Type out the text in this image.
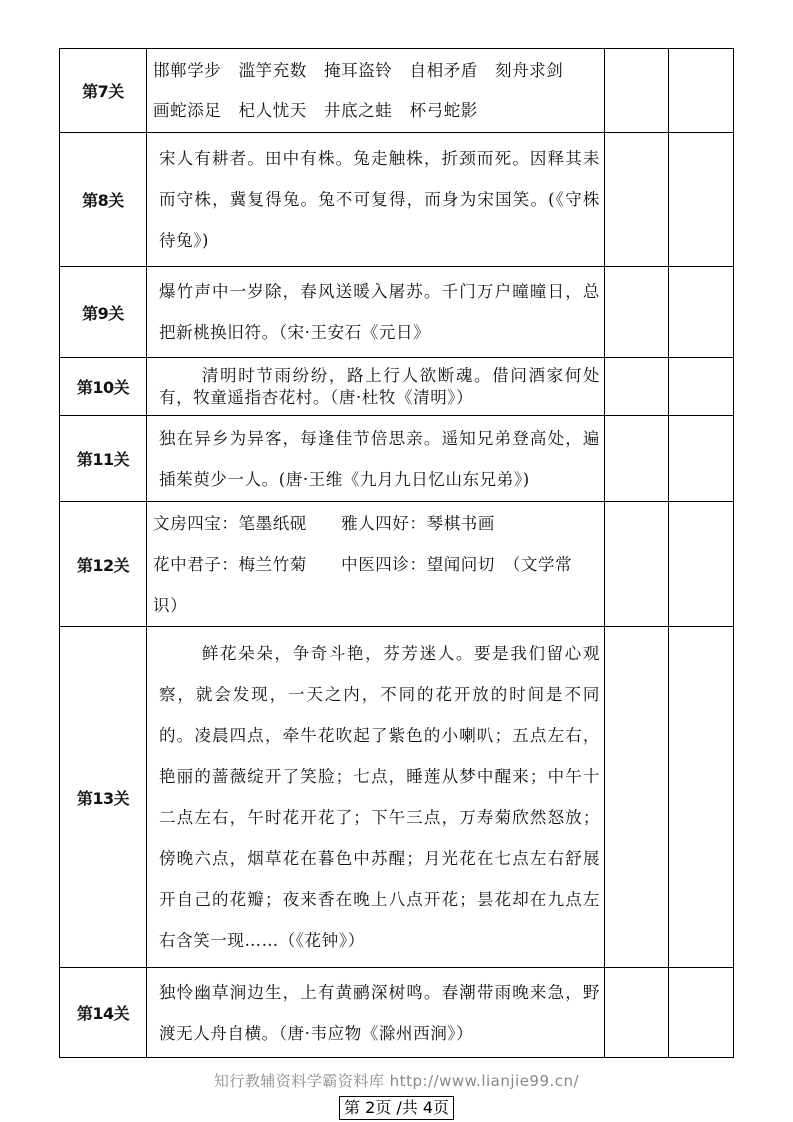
第7关	邯郸学步　滥竽充数　掩耳盗铃　自相矛盾　刻舟求剑
画蛇添足　杞人忧天　井底之蛙　杯弓蛇影		

第8关	宋人有耕者。田中有株。兔走触株，折颈而死。因释其耒而守株，冀复得兔。兔不可复得，而身为宋国笑。(《守株待兔》)		
第9关	爆竹声中一岁除，春风送暖入屠苏。千门万户曈曈日，总把新桃换旧符。（宋·王安石《元日》		
第10关	清明时节雨纷纷，路上行人欲断魂。借问酒家何处有，牧童遥指杏花村。（唐·杜牧《清明》）		
第11关	独在异乡为异客，每逢佳节倍思亲。遥知兄弟登高处，遍插茱萸少一人。(唐·王维《九月九日忆山东兄弟》)		
第12关	文房四宝：笔墨纸砚　　雅人四好：琴棋书画
花中君子：梅兰竹菊　　中医四诊：望闻问切　（文学常
识）		

第13关	鲜花朵朵，争奇斗艳，芬芳迷人。要是我们留心观察，就会发现，一天之内，不同的花开放的时间是不同的。凌晨四点，牵牛花吹起了紫色的小喇叭；五点左右，艳丽的蔷薇绽开了笑脸；七点，睡莲从梦中醒来；中午十二点左右，午时花开花了；下午三点，万寿菊欣然怒放；傍晚六点，烟草花在暮色中苏醒；月光花在七点左右舒展开自己的花瓣；夜来香在晚上八点开花；昙花却在九点左右含笑一现……（《花钟》）		
第14关	独怜幽草涧边生，上有黄鹂深树鸣。春潮带雨晚来急，野渡无人舟自横。（唐·韦应物《滁州西涧》）		
知行教辅资料学霸资料库 http://www.lianjie99.cn/
第 2页 /共 4页
